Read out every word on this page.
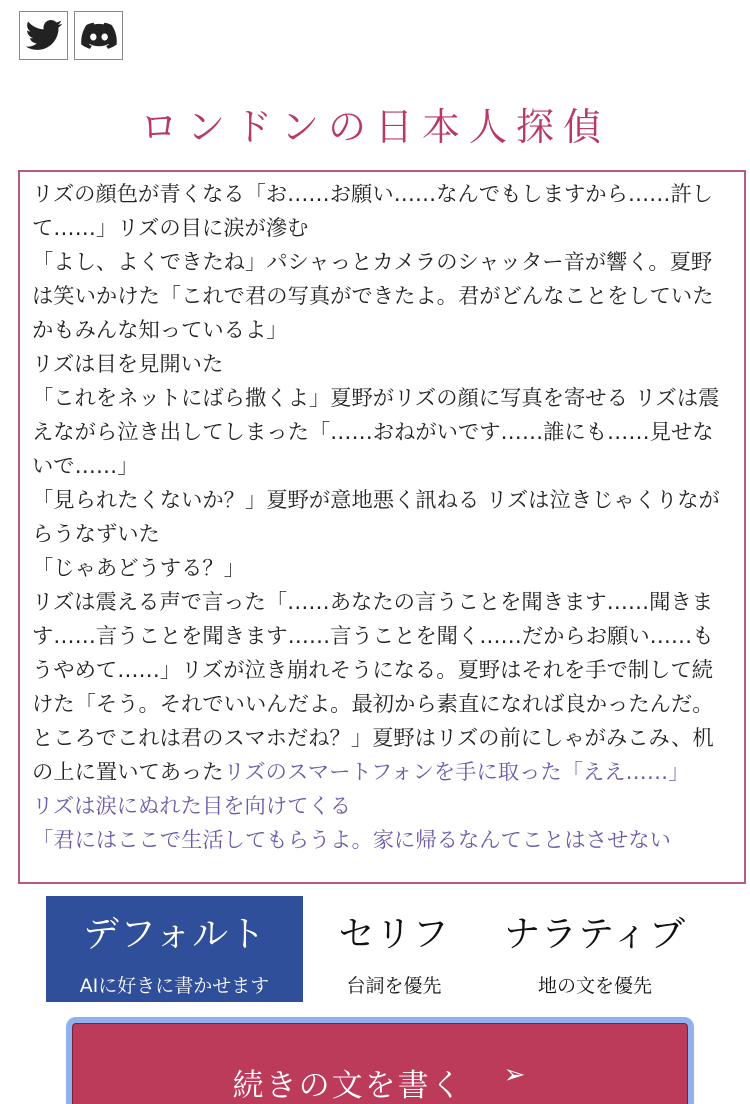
ロンドンの日本人探偵
リズの顔色が青くなる「お……お願い……なんでもしますから……許して……」リズの目に涙が滲む
「よし、よくできたね」パシャっとカメラのシャッター音が響く。夏野は笑いかけた「これで君の写真ができたよ。君がどんなことをしていたかもみんな知っているよ」
リズは目を見開いた
「これをネットにばら撒くよ」夏野がリズの顔に写真を寄せる リズは震えながら泣き出してしまった「……おねがいです……誰にも……見せないで……」
「見られたくないか？」夏野が意地悪く訊ねる リズは泣きじゃくりながらうなずいた
「じゃあどうする？」
リズは震える声で言った「……あなたの言うことを聞きます……聞きます……言うことを聞きます……言うことを聞く……だからお願い……もうやめて……」リズが泣き崩れそうになる。夏野はそれを手で制して続けた「そう。それでいいんだよ。最初から素直になれば良かったんだ。ところでこれは君のスマホだね？」夏野はリズの前にしゃがみこみ、机の上に置いてあったリズのスマートフォンを手に取った「ええ……」
リズは涙にぬれた目を向けてくる
「君にはここで生活してもらうよ。家に帰るなんてことはさせない
デフォルト
AIに好きに書かせます
セリフ
台詞を優先
ナラティブ
地の文を優先
続きの文を書く ➢
